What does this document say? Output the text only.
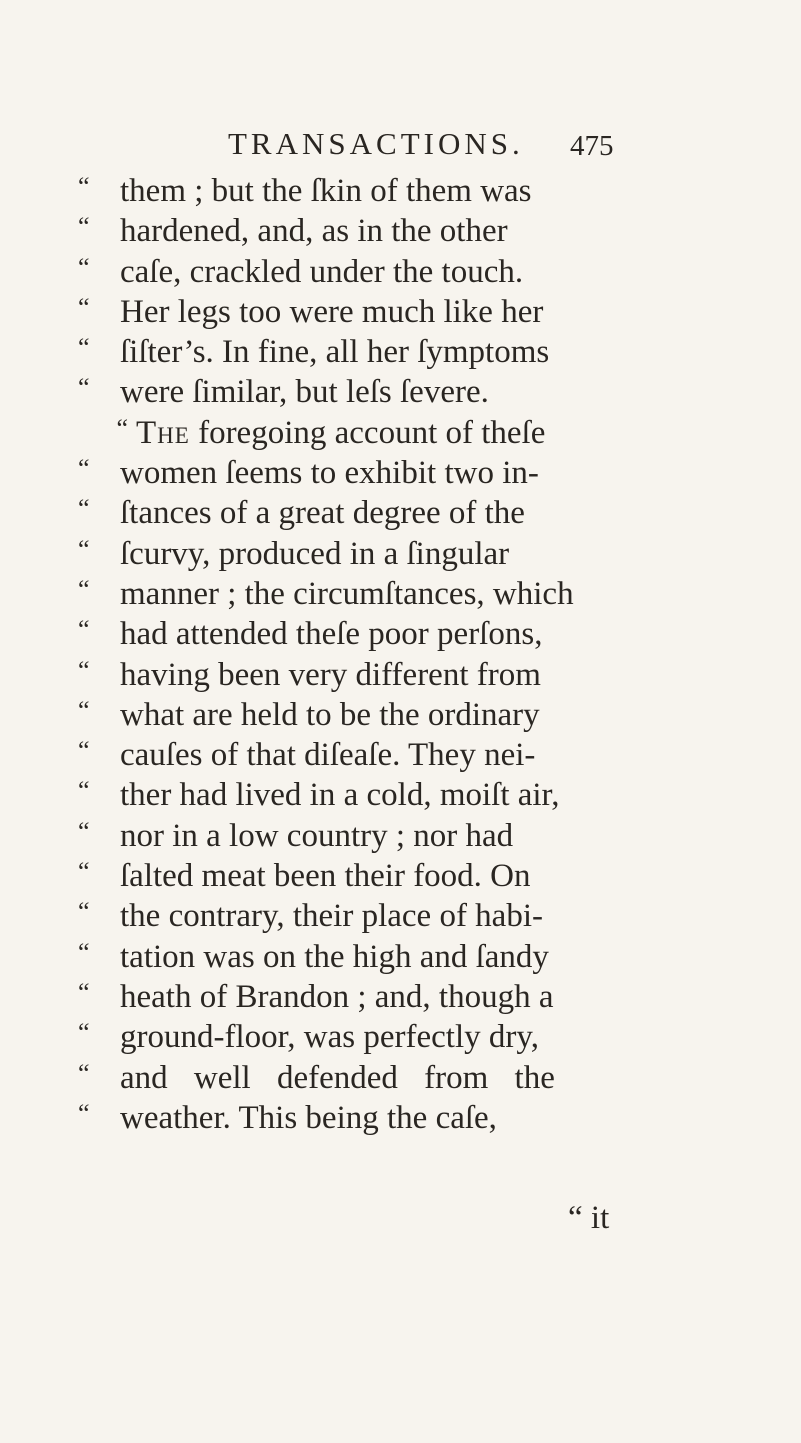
TRANSACTIONS. 475
“ them ; but the ſkin of them was
“ hardened, and, as in the other
“ caſe, crackled under the touch.
“ Her legs too were much like her
“ ſiſter’s. In fine, all her ſymptoms
“ were ſimilar, but leſs ſevere.
“ The foregoing account of theſe
“ women ſeems to exhibit two in-
“ ſtances of a great degree of the
“ ſcurvy, produced in a ſingular
“ manner ; the circumſtances, which
“ had attended theſe poor perſons,
“ having been very different from
“ what are held to be the ordinary
“ cauſes of that diſeaſe. They nei-
“ ther had lived in a cold, moiſt air,
“ nor in a low country ; nor had
“ ſalted meat been their food. On
“ the contrary, their place of habi-
“ tation was on the high and ſandy
“ heath of Brandon ; and, though a
“ ground-floor, was perfectly dry,
“ and well defended from the
“ weather. This being the caſe,
“ it
